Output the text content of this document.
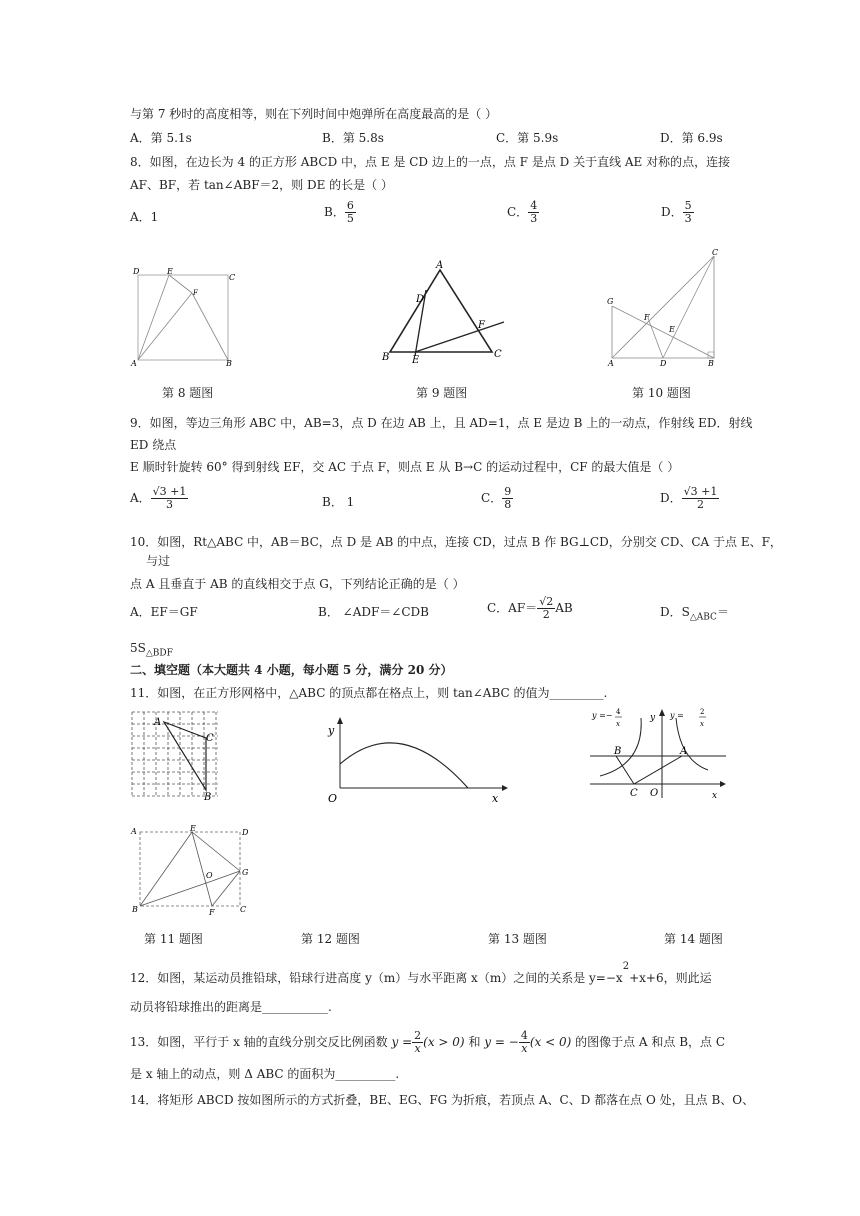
与第 7 秒时的高度相等，则在下列时间中炮弹所在高度最高的是（ ）
A．第 5.1s	B．第 5.8s	C．第 5.9s	D．第 6.9s
8．如图，在边长为 4 的正方形 ABCD 中，点 E 是 CD 边上的一点，点 F 是点 D 关于直线 AE 对称的点，连接
AF、BF，若 tan∠ABF＝2，则 DE 的长是（ ）
A．1	B． $\frac{6}{5}$	C． $\frac{4}{3}$	D． $\frac{5}{3}$
D	E
C
F
A	B
第 8 题图
A
D
F
B E
C
第 9 题图
C
G
F
E
A	D	B
第 10 题图
9．如图，等边三角形 ABC 中，AB=3，点 D 在边 AB 上，且 AD=1，点 E 是边 B 上的一动点，作射线 ED．射线
ED 绕点
E 顺时针旋转 60° 得到射线 EF，交 AC 于点 F，则点 E 从 B→C 的运动过程中，CF 的最大值是（ ）
A． $\frac{√3 +1}{3}$	B． 1	C． $\frac{9}{8}$	D． $\frac{√3 +1}{2}$
10．如图，Rt△ABC 中，AB＝BC，点 D 是 AB 的中点，连接 CD，过点 B 作 BG⊥CD，分别交 CD、CA 于点 E、F，
与过
点 A 且垂直于 AB 的直线相交于点 G，下列结论正确的是（ ）
A．EF＝GF	B． ∠ADF＝∠CDB	C．$AF= \frac{√2}{2}$ AB	D．$S_{\triangle ABC}=$
$5S_{\triangle BDF}$
二、填空题（本大题共 4 小题，每小题 5 分，满分 20 分）
11．如图，在正方形网格中，△ABC 的顶点都在格点上，则 tan∠ABC 的值为_________.
A
C
B
y
O	x
y =− 4
x
y y = 2
x
B	A
C O	x
A	E	D
O	G
B	F	C
第 11 题图	第 12 题图	第 13 题图	第 14 题图
12．如图，某运动员推铅球，铅球行进高度 y（m）与水平距离 x（m）之间的关系是 $y=-x^2+x+6$，则此运
动员将铅球推出的距离是___________.
13．如图，平行于 x 轴的直线分别交反比例函数 $y = \frac{2}{x} (x > 0)$ 和 y = − $\frac{4}{x} (x < 0)$ 的图像于点 A 和点 B，点 C
是 x 轴上的动点，则 Δ ABC 的面积为__________.
14．将矩形 ABCD 按如图所示的方式折叠，BE、EG、FG 为折痕，若顶点 A、C、D 都落在点 O 处，且点 B、O、
